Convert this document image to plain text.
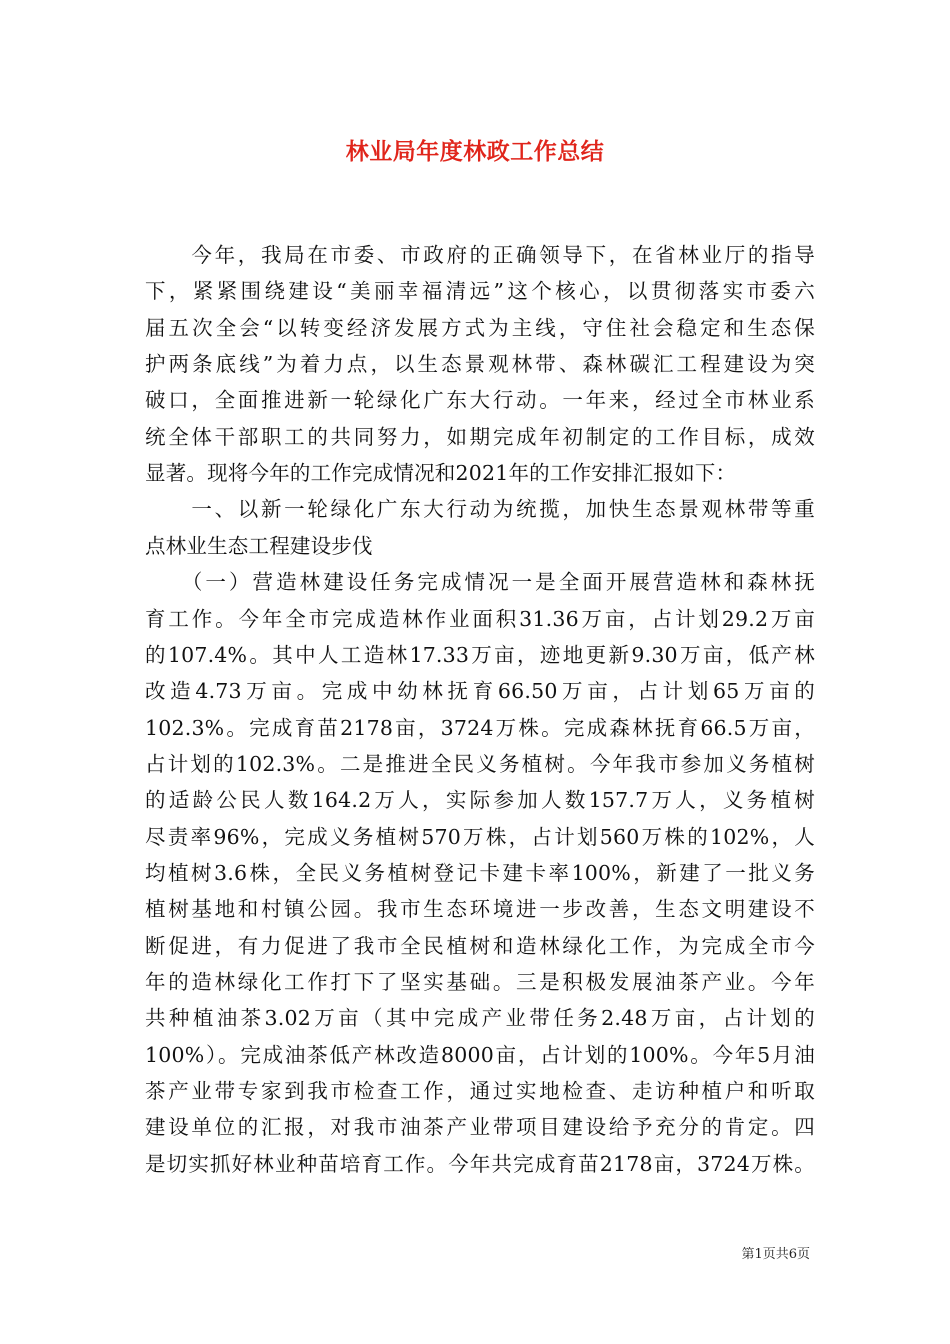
林业局年度林政工作总结
　　今年，我局在市委、市政府的正确领导下，在省林业厅的指导
下，紧紧围绕建设“美丽幸福清远”这个核心，以贯彻落实市委六
届五次全会“以转变经济发展方式为主线，守住社会稳定和生态保
护两条底线”为着力点，以生态景观林带、森林碳汇工程建设为突
破口，全面推进新一轮绿化广东大行动。一年来，经过全市林业系
统全体干部职工的共同努力，如期完成年初制定的工作目标，成效
显著。现将今年的工作完成情况和2021年的工作安排汇报如下：
　　一、以新一轮绿化广东大行动为统揽，加快生态景观林带等重
点林业生态工程建设步伐
　　（一）营造林建设任务完成情况一是全面开展营造林和森林抚
育工作。今年全市完成造林作业面积31.36万亩，占计划29.2万亩
的107.4%。其中人工造林17.33万亩，迹地更新9.30万亩，低产林
改造4.73万亩。完成中幼林抚育66.50万亩，占计划65万亩的
102.3%。完成育苗2178亩，3724万株。完成森林抚育66.5万亩，
占计划的102.3%。二是推进全民义务植树。今年我市参加义务植树
的适龄公民人数164.2万人，实际参加人数157.7万人，义务植树
尽责率96%，完成义务植树570万株，占计划560万株的102%，人
均植树3.6株，全民义务植树登记卡建卡率100%，新建了一批义务
植树基地和村镇公园。我市生态环境进一步改善，生态文明建设不
断促进，有力促进了我市全民植树和造林绿化工作，为完成全市今
年的造林绿化工作打下了坚实基础。三是积极发展油茶产业。今年
共种植油茶3.02万亩（其中完成产业带任务2.48万亩，占计划的
100%）。完成油茶低产林改造8000亩，占计划的100%。今年5月油
茶产业带专家到我市检查工作，通过实地检查、走访种植户和听取
建设单位的汇报，对我市油茶产业带项目建设给予充分的肯定。四
是切实抓好林业种苗培育工作。今年共完成育苗2178亩，3724万株。
第1页共6页
